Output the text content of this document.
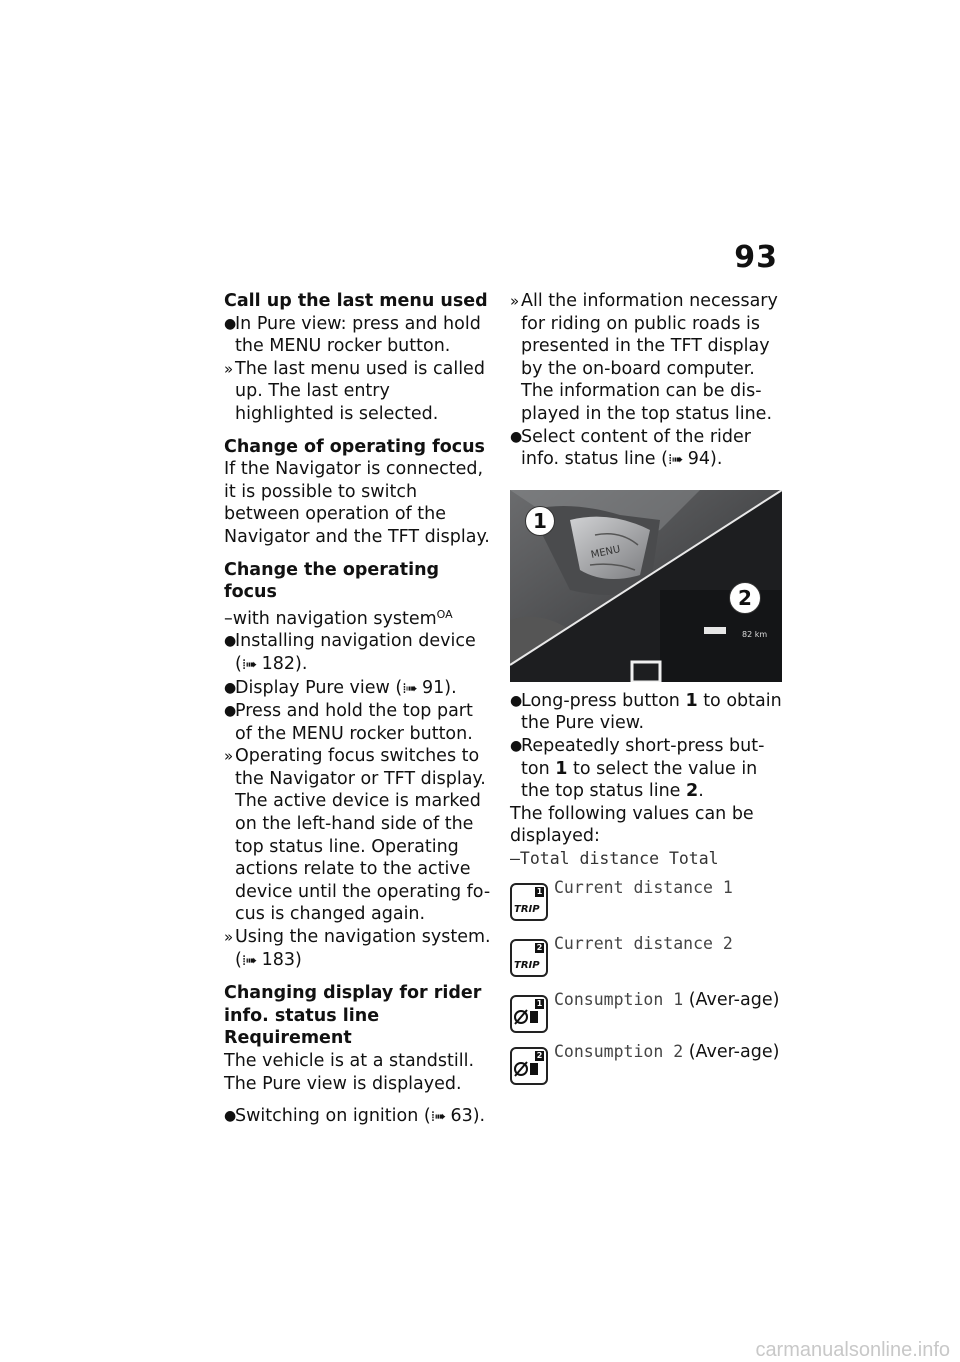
93
Call up the last menu used
●
In Pure view: press and hold the MENU rocker button.
» The last menu used is called up. The last entry highlighted is selected.
Change of operating focus

If the Navigator is connected, it is possible to switch between operation of the Navigator and the TFT display.

Change the operating focus
–with navigation system$^{OA}$
●
Installing navigation device
(⁞➠ 182).
●
Display Pure view (⁞➠ 91).
●
Press and hold the top part of the MENU rocker button.
» Operating focus switches to the Navigator or TFT display. The active device is marked on the left-hand side of the top status line. Operating actions relate to the active device until the operating fo-cus is changed again.
» Using the navigation system.
(⁞➠ 183)
Changing display for rider info. status line
Requirement

The vehicle is at a standstill.

The Pure view is displayed.

●
Switching on ignition (⁞➠ 63).
» All the information necessary for riding on public roads is presented in the TFT display by the on-board computer. The information can be dis-played in the top status line.
●
Select content of the rider info. status line (⁞➠ 94).
1
2
MENU
82 km
●
Long-press button 1 to obtain the Pure view.
●
Repeatedly short-press but-ton 1 to select the value in the top status line 2.

The following values can be displayed:

–Total distance Total
TRIP
1 Current distance 1
TRIP
2 Current distance 2
1 Consumption 1 (Aver-age)
2 Consumption 2 (Aver-age)
carmanualsonline.info
